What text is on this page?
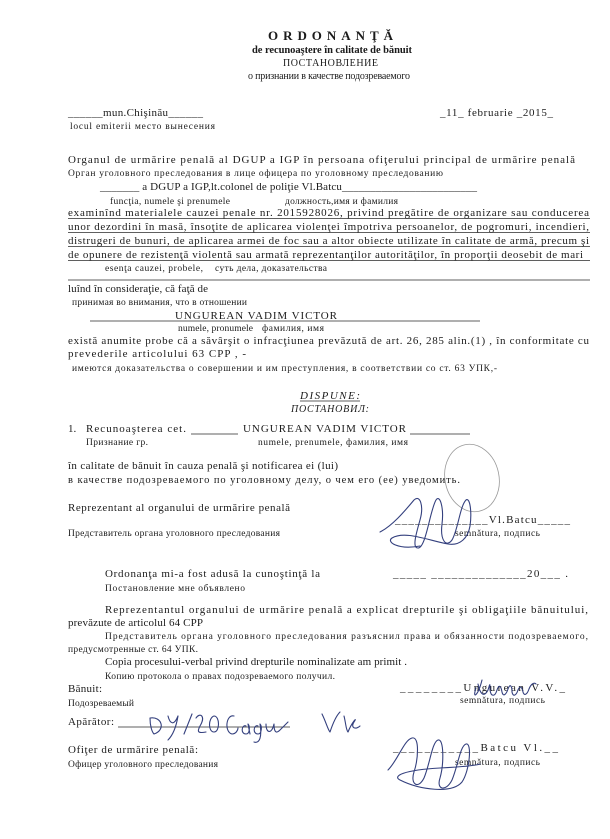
ORDONANŢĂ
de recunoaştere în calitate de bănuit
ПОСТАНОВЛЕНИЕ
о признании в качестве подозреваемого
______mun.Chişinău______	_11_ februarie _2015_
locul emiterii место вынесения
Organul de urmărire penală al DGUP a IGP în persoana ofiţerului principal de urmărire penală
Орган уголовного преследования в лице офицера по уголовному преследованию
_______ a DGUP a IGP,lt.colonel de poliţie Vl.Batcu________________________
funcţia, numele şi prenumele	должность,имя и фамилия
examinînd materialele cauzei penale nr. 2015928026, privind pregătire de organizare sau conducerea
unor dezordini în masă, însoţite de aplicarea violenţei împotriva persoanelor, de pogromuri, incendieri,
distrugeri de bunuri, de aplicarea armei de foc sau a altor obiecte utilizate în calitate de armă, precum şi
de opunere de rezistenţă violentă sau armată reprezentanţilor autorităţilor, în proporţii deosebit de mari
esenţa cauzei, probele, суть дела, доказательства
luînd în consideraţie, că faţă de
принимая во внимания, что в отношении
UNGUREAN VADIM VICTOR
numele, pronumele фамилия, имя
există anumite probe că a săvârşit o infracţiunea prevăzută de art. 26, 285 alin.(1) , în conformitate cu
prevederile articolului 63 CPP , -
имеются доказательства о совершении и им преступления, в соответствии со ст. 63 УПК,-
DISPUNE:
ПОСТАНОВИЛ:
1. Recunoaşterea cet.	UNGUREAN VADIM VICTOR
Признание гр.	numele, prenumele, фамилия, имя
în calitate de bănuit în cauza penală şi notificarea ei (lui)
в качестве подозреваемого по уголовному делу, о чем его (ее) уведомить.
Reprezentant al organului de urmărire penală
Представитель органа уголовного преследования
______________Vl.Batcu_____
semnătura, подпись
Ordonanţa mi-a fost adusă la cunoştinţă la	_____ ______________20___ .
Постановление мне объявлено
Reprezentantul organului de urmărire penală a explicat drepturile şi obligaţiile bănuitului,
prevăzute de articolul 64 CPP
Представитель органа уголовного преследования разъяснил права и обязанности подозреваемого,
предусмотренные ст. 64 УПК.
Copia procesului-verbal privind drepturile nominalizate am primit .
Копию протокола о правах подозреваемого получил.
Bănuit:
Подозреваемый
________Ungurean V.V._
semnătura, подпись
Apărător:
Ofiţer de urmărire penală:
Офицер уголовного преследования
___________Batcu Vl.__
semnătura, подпись
